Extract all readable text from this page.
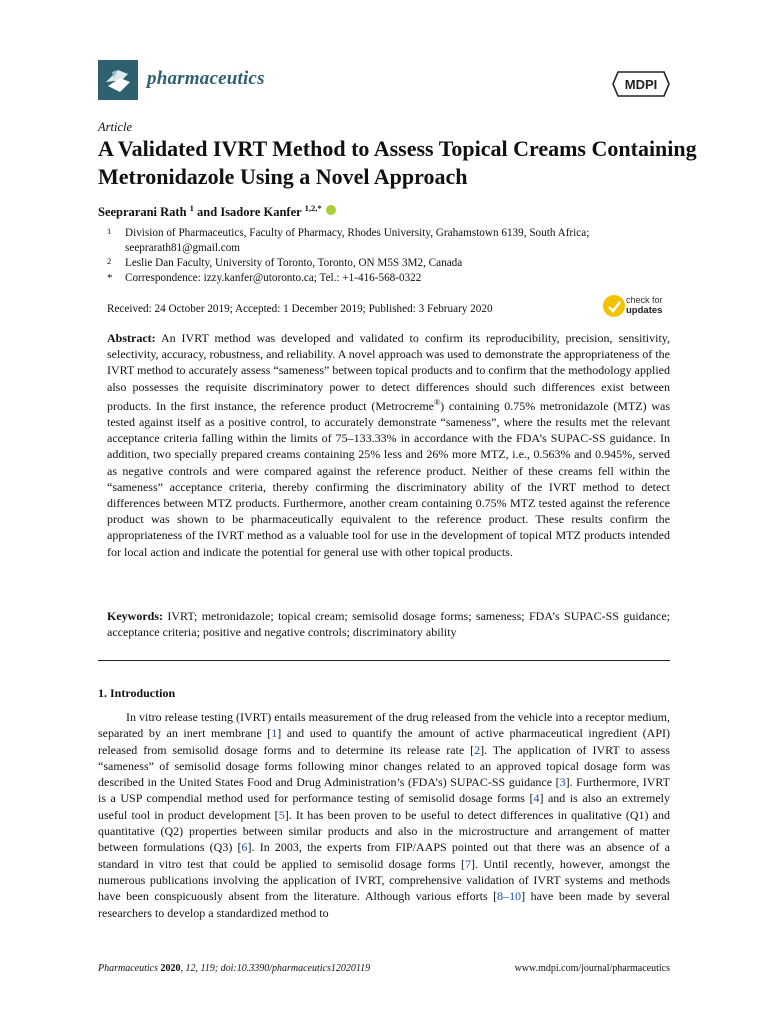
pharmaceutics	MDPI
Article
A Validated IVRT Method to Assess Topical Creams Containing Metronidazole Using a Novel Approach
Seeprarani Rath $^1$ and Isadore Kanfer $^{1,2,*}$
1 Division of Pharmaceutics, Faculty of Pharmacy, Rhodes University, Grahamstown 6139, South Africa; seeprarath81@gmail.com
2 Leslie Dan Faculty, University of Toronto, Toronto, ON M5S 3M2, Canada
* Correspondence: izzy.kanfer@utoronto.ca; Tel.: +1-416-568-0322
Received: 24 October 2019; Accepted: 1 December 2019; Published: 3 February 2020
check for
updates
Abstract: An IVRT method was developed and validated to confirm its reproducibility, precision, sensitivity, selectivity, accuracy, robustness, and reliability. A novel approach was used to demonstrate the appropriateness of the IVRT method to accurately assess “sameness” between topical products and to confirm that the methodology applied also possesses the requisite discriminatory power to detect differences should such differences exist between products. In the first instance, the reference product (Metrocreme®) containing 0.75% metronidazole (MTZ) was tested against itself as a positive control, to accurately demonstrate “sameness”, where the results met the relevant acceptance criteria falling within the limits of 75–133.33% in accordance with the FDA’s SUPAC-SS guidance. In addition, two specially prepared creams containing 25% less and 26% more MTZ, i.e., 0.563% and 0.945%, served as negative controls and were compared against the reference product. Neither of these creams fell within the “sameness” acceptance criteria, thereby confirming the discriminatory ability of the IVRT method to detect differences between MTZ products. Furthermore, another cream containing 0.75% MTZ tested against the reference product was shown to be pharmaceutically equivalent to the reference product. These results confirm the appropriateness of the IVRT method as a valuable tool for use in the development of topical MTZ products intended for local action and indicate the potential for general use with other topical products.
Keywords: IVRT; metronidazole; topical cream; semisolid dosage forms; sameness; FDA’s SUPAC-SS guidance; acceptance criteria; positive and negative controls; discriminatory ability
1. Introduction
In vitro release testing (IVRT) entails measurement of the drug released from the vehicle into a receptor medium, separated by an inert membrane [1] and used to quantify the amount of active pharmaceutical ingredient (API) released from semisolid dosage forms and to determine its release rate [2]. The application of IVRT to assess “sameness” of semisolid dosage forms following minor changes related to an approved topical dosage form was described in the United States Food and Drug Administration’s (FDA’s) SUPAC-SS guidance [3]. Furthermore, IVRT is a USP compendial method used for performance testing of semisolid dosage forms [4] and is also an extremely useful tool in product development [5]. It has been proven to be useful to detect differences in qualitative (Q1) and quantitative (Q2) properties between similar products and also in the microstructure and arrangement of matter between formulations (Q3) [6]. In 2003, the experts from FIP/AAPS pointed out that there was an absence of a standard in vitro test that could be applied to semisolid dosage forms [7]. Until recently, however, amongst the numerous publications involving the application of IVRT, comprehensive validation of IVRT systems and methods have been conspicuously absent from the literature. Although various efforts [8–10] have been made by several researchers to develop a standardized method to
Pharmaceutics 2020, 12, 119; doi:10.3390/pharmaceutics12020119	www.mdpi.com/journal/pharmaceutics
